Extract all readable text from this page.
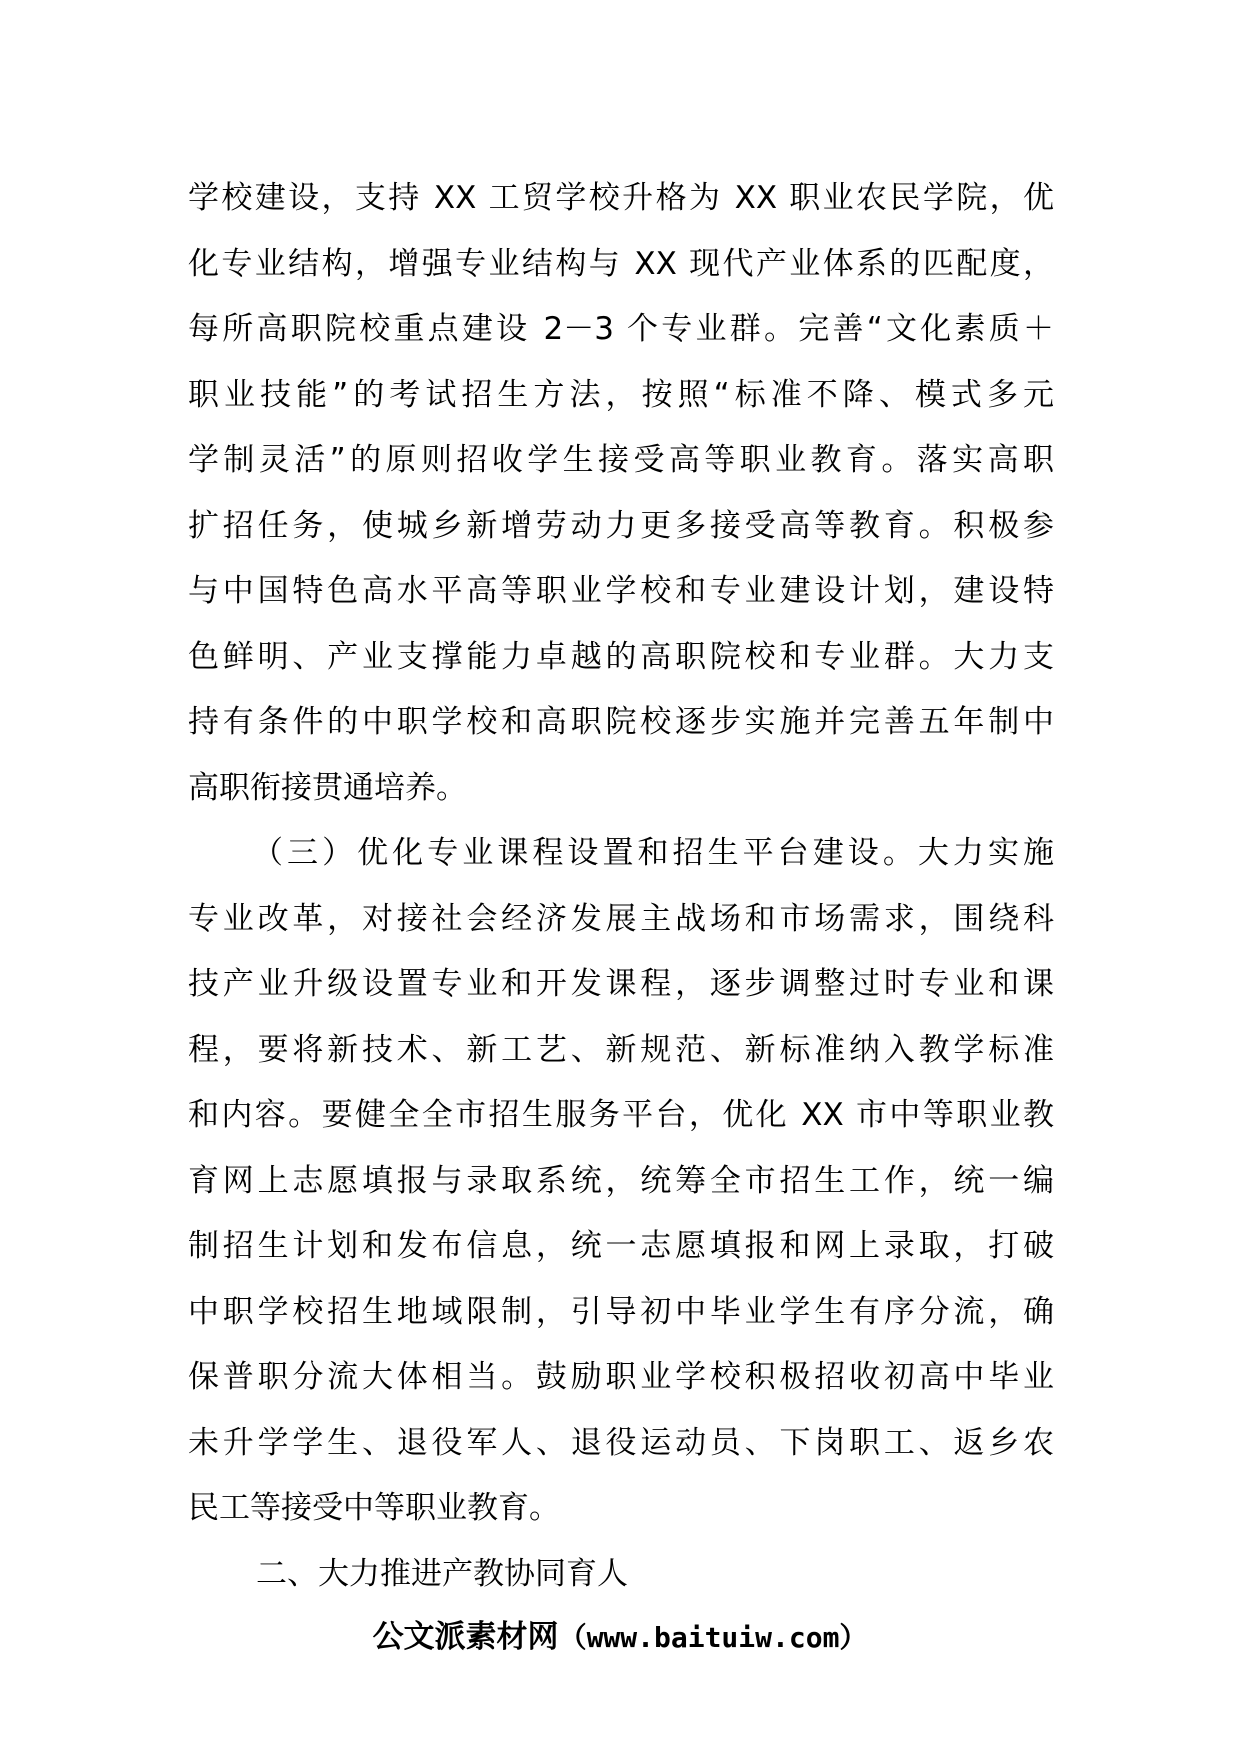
学校建设，支持 XX 工贸学校升格为 XX 职业农民学院，优
化专业结构，增强专业结构与 XX 现代产业体系的匹配度，
每所高职院校重点建设 2－3 个专业群。完善“文化素质＋
职业技能”的考试招生方法，按照“标准不降、模式多元
学制灵活”的原则招收学生接受高等职业教育。落实高职
扩招任务，使城乡新增劳动力更多接受高等教育。积极参
与中国特色高水平高等职业学校和专业建设计划，建设特
色鲜明、产业支撑能力卓越的高职院校和专业群。大力支
持有条件的中职学校和高职院校逐步实施并完善五年制中
高职衔接贯通培养。
（三）优化专业课程设置和招生平台建设。大力实施
专业改革，对接社会经济发展主战场和市场需求，围绕科
技产业升级设置专业和开发课程，逐步调整过时专业和课
程，要将新技术、新工艺、新规范、新标准纳入教学标准
和内容。要健全全市招生服务平台，优化 XX 市中等职业教
育网上志愿填报与录取系统，统筹全市招生工作，统一编
制招生计划和发布信息，统一志愿填报和网上录取，打破
中职学校招生地域限制，引导初中毕业学生有序分流，确
保普职分流大体相当。鼓励职业学校积极招收初高中毕业
未升学学生、退役军人、退役运动员、下岗职工、返乡农
民工等接受中等职业教育。
二、大力推进产教协同育人
公文派素材网（www.baituiw.com）
